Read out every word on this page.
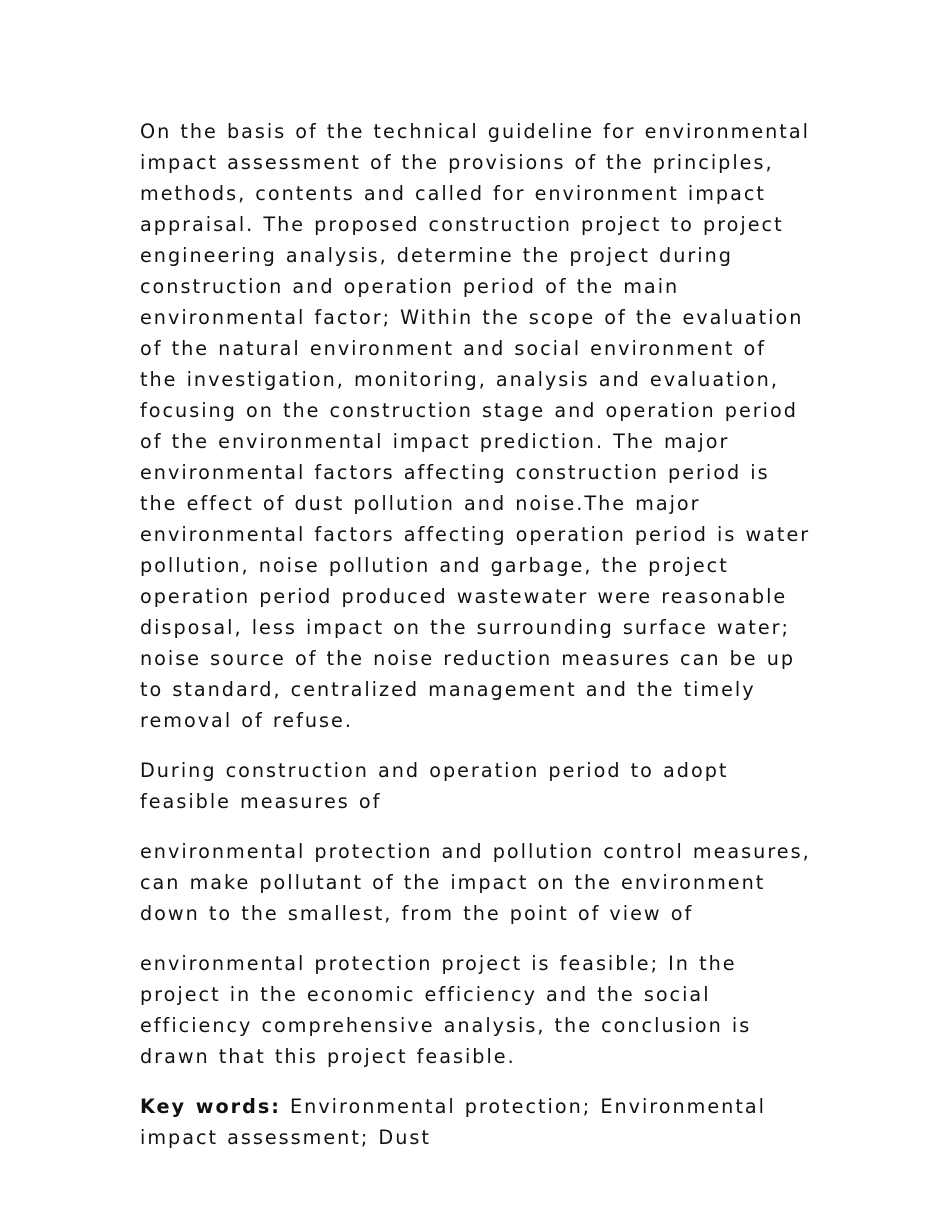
On the basis of the technical guideline for environmental impact assessment of the provisions of the principles, methods, contents and called for environment impact appraisal. The proposed construction project to project engineering analysis, determine the project during construction and operation period of the main environmental factor; Within the scope of the evaluation of the natural environment and social environment of the investigation, monitoring, analysis and evaluation, focusing on the construction stage and operation period of the environmental impact prediction. The major environmental factors affecting construction period is the effect of dust pollution and noise.The major environmental factors affecting operation period is water pollution, noise pollution and garbage, the project operation period produced wastewater were reasonable disposal, less impact on the surrounding surface water; noise source of the noise reduction measures can be up to standard, centralized management and the timely removal of refuse.

During construction and operation period to adopt feasible measures of

environmental protection and pollution control measures, can make pollutant of the impact on the environment down to the smallest, from the point of view of

environmental protection project is feasible; In the project in the economic efficiency and the social efficiency comprehensive analysis, the conclusion is drawn that this project feasible.

Key words: Environmental protection; Environmental impact assessment; Dust
